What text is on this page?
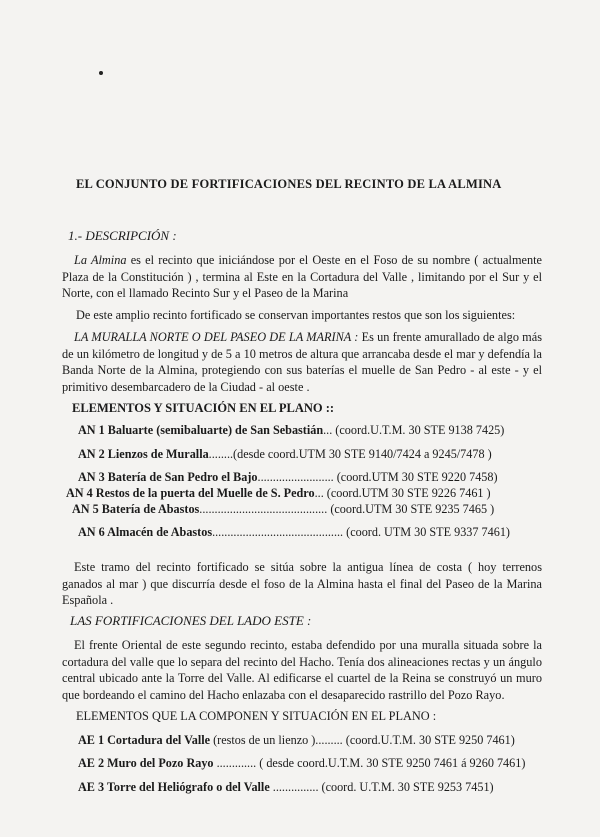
EL CONJUNTO DE FORTIFICACIONES DEL RECINTO DE LA ALMINA
1.- DESCRIPCIÓN :
La Almina es el recinto que iniciándose por el Oeste en el Foso de su nombre ( actualmente Plaza de la Constitución ) , termina al Este en la Cortadura del Valle , limitando por el Sur y el Norte, con el llamado Recinto Sur y el Paseo de la Marina
De este amplio recinto fortificado se conservan importantes restos que son los siguientes:
LA MURALLA NORTE O DEL PASEO DE LA MARINA : Es un frente amurallado de algo más de un kilómetro de longitud y de 5 a 10 metros de altura que arrancaba desde el mar y defendía la Banda Norte de la Almina, protegiendo con sus baterías el muelle de San Pedro - al este - y el primitivo desembarcadero de la Ciudad - al oeste .
ELEMENTOS Y SITUACIÓN EN EL PLANO ::
AN 1 Baluarte (semibaluarte) de San Sebastián... (coord.U.T.M. 30 STE 9138 7425)
AN 2 Lienzos de Muralla........(desde coord.UTM 30 STE 9140/7424 a 9245/7478 )
AN 3 Batería de San Pedro el Bajo......................... (coord.UTM 30 STE 9220 7458)
AN 4 Restos de la puerta del Muelle de S. Pedro... (coord.UTM 30 STE 9226 7461 )
AN 5 Batería de Abastos.......................................... (coord.UTM 30 STE 9235 7465 )
AN 6 Almacén de Abastos........................................... (coord. UTM 30 STE 9337 7461)
Este tramo del recinto fortificado se sitúa sobre la antigua línea de costa ( hoy terrenos ganados al mar ) que discurría desde el foso de la Almina hasta el final del Paseo de la Marina Española .
LAS FORTIFICACIONES DEL LADO ESTE :
El frente Oriental de este segundo recinto, estaba defendido por una muralla situada sobre la cortadura del valle que lo separa del recinto del Hacho. Tenía dos alineaciones rectas y un ángulo central ubicado ante la Torre del Valle. Al edificarse el cuartel de la Reina se construyó un muro que bordeando el camino del Hacho enlazaba con el desaparecido rastrillo del Pozo Rayo.
ELEMENTOS QUE LA COMPONEN Y SITUACIÓN EN EL PLANO :
AE 1 Cortadura del Valle (restos de un lienzo )......... (coord.U.T.M. 30 STE 9250 7461)
AE 2 Muro del Pozo Rayo ............. ( desde coord.U.T.M. 30 STE 9250 7461 á 9260 7461)
AE 3 Torre del Heliógrafo o del Valle ............... (coord. U.T.M. 30 STE 9253 7451)
